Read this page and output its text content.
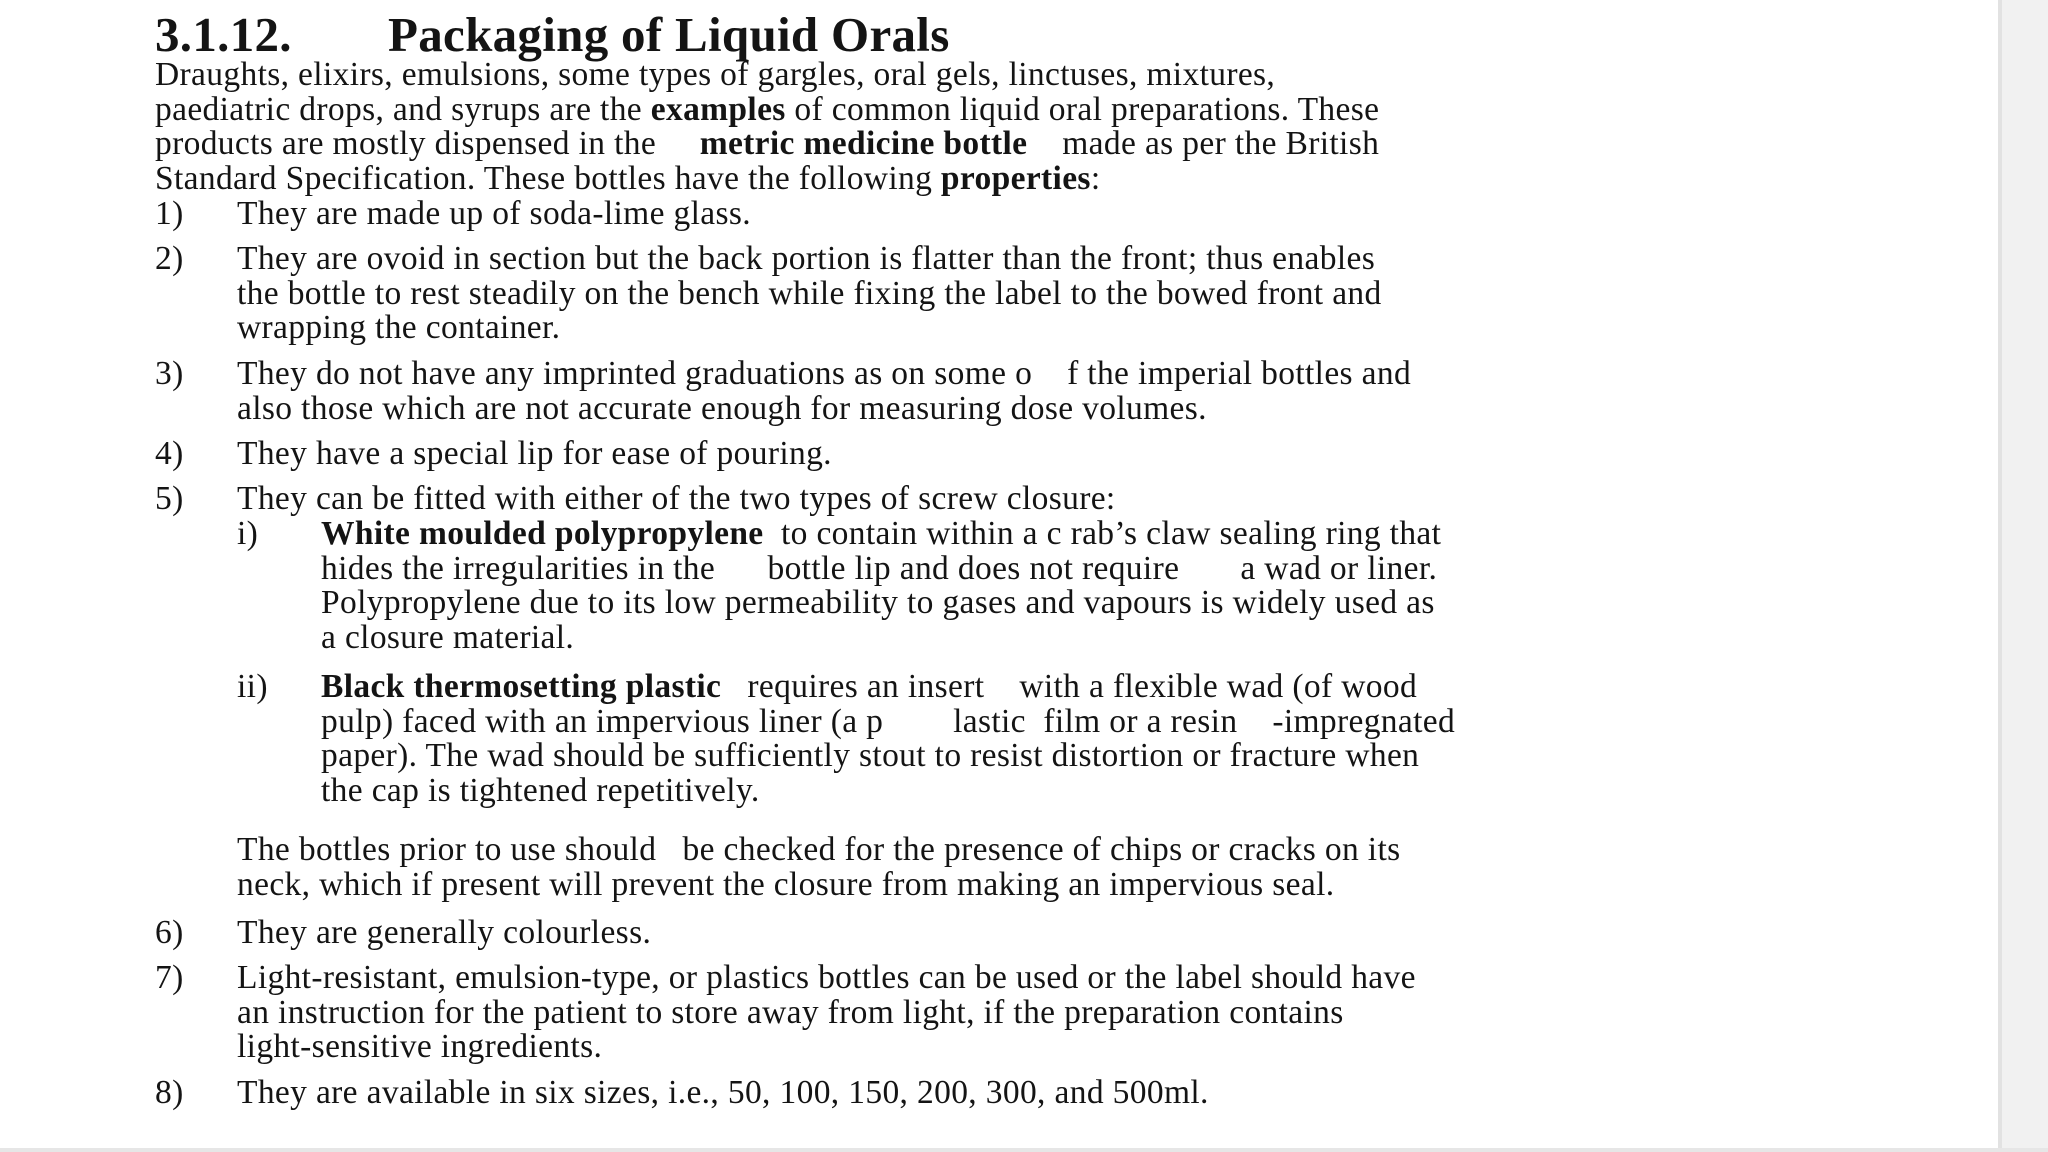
3.1.12. Packaging of Liquid Orals
Draughts, elixirs, emulsions, some types of gargles, oral gels, linctuses, mixtures,
paediatric drops, and syrups are the examples of common liquid oral preparations. These
products are mostly dispensed in the     metric medicine bottle    made as per the British
Standard Specification. These bottles have the following properties:
1) They are made up of soda-lime glass.
2) They are ovoid in section but the back portion is flatter than the front; thus enables
the bottle to rest steadily on the bench while fixing the label to the bowed front and
wrapping the container.
3) They do not have any imprinted graduations as on some o    f the imperial bottles and
also those which are not accurate enough for measuring dose volumes.
4) They have a special lip for ease of pouring.
5) They can be fitted with either of the two types of screw closure:
i) White moulded polypropylene  to contain within a c rab’s claw sealing ring that
hides the irregularities in the      bottle lip and does not require       a wad or liner.
Polypropylene due to its low permeability to gases and vapours is widely used as
a closure material.
ii) Black thermosetting plastic   requires an insert    with a flexible wad (of wood
pulp) faced with an impervious liner (a p        lastic  film or a resin    -impregnated
paper). The wad should be sufficiently stout to resist distortion or fracture when
the cap is tightened repetitively.
The bottles prior to use should   be checked for the presence of chips or cracks on its
neck, which if present will prevent the closure from making an impervious seal.
6) They are generally colourless.
7) Light-resistant, emulsion-type, or plastics bottles can be used or the label should have
an instruction for the patient to store away from light, if the preparation contains
light-sensitive ingredients.
8) They are available in six sizes, i.e., 50, 100, 150, 200, 300, and 500ml.
